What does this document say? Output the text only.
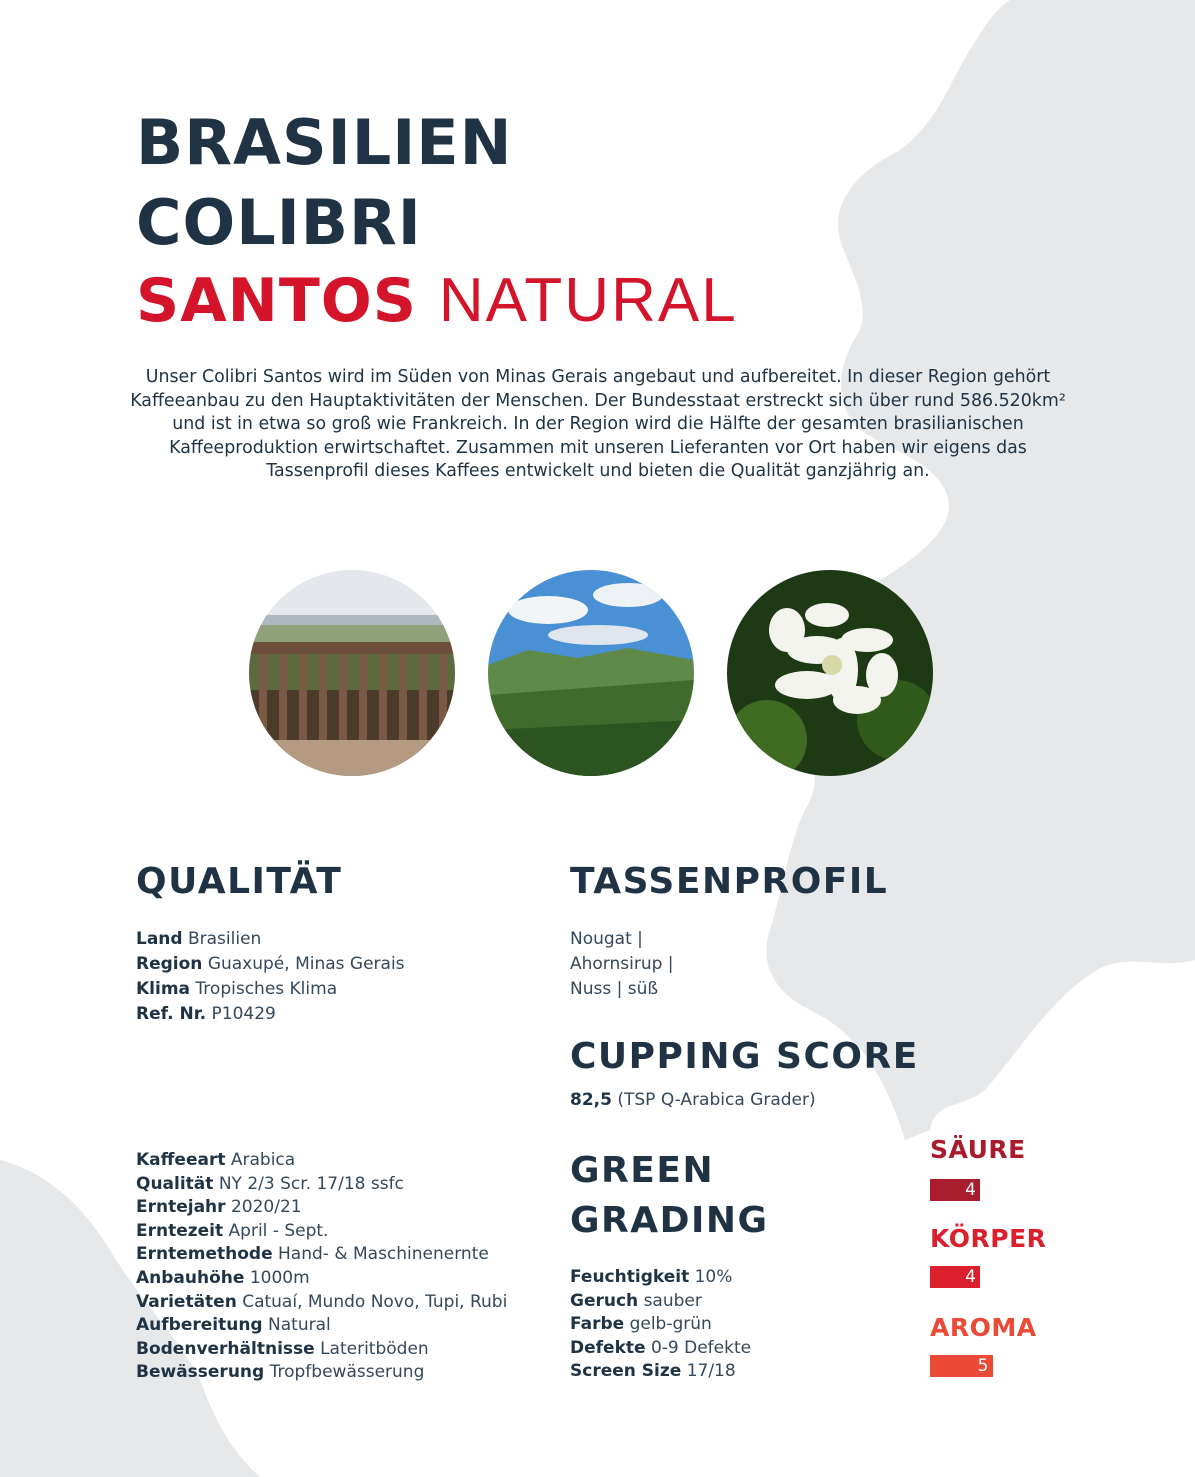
BRASILIEN
COLIBRI
SANTOS NATURAL

Unser Colibri Santos wird im Süden von Minas Gerais angebaut und aufbereitet. In dieser Region gehört Kaffeeanbau zu den Hauptaktivitäten der Menschen. Der Bundesstaat erstreckt sich über rund 586.520km² und ist in etwa so groß wie Frankreich. In der Region wird die Hälfte der gesamten brasilianischen Kaffeeproduktion erwirtschaftet. Zusammen mit unseren Lieferanten vor Ort haben wir eigens das Tassenprofil dieses Kaffees entwickelt und bieten die Qualität ganzjährig an.

QUALITÄT
Land Brasilien
Region Guaxupé, Minas Gerais
Klima Tropisches Klima
Ref. Nr. P10429
TASSENPROFIL
Nougat |
Ahornsirup |
Nuss | süß
CUPPING SCORE
82,5 (TSP Q-Arabica Grader)
Kaffeeart Arabica
Qualität NY 2/3 Scr. 17/18 ssfc
Erntejahr 2020/21
Erntezeit April - Sept.
Erntemethode Hand- & Maschinenernte
Anbauhöhe 1000m
Varietäten Catuaí, Mundo Novo, Tupi, Rubi
Aufbereitung Natural
Bodenverhältnisse Lateritböden
Bewässerung Tropfbewässerung
GREEN
GRADING
Feuchtigkeit 10%
Geruch sauber
Farbe gelb-grün
Defekte 0-9 Defekte
Screen Size 17/18

SÄURE

4

KÖRPER

4

AROMA

5
